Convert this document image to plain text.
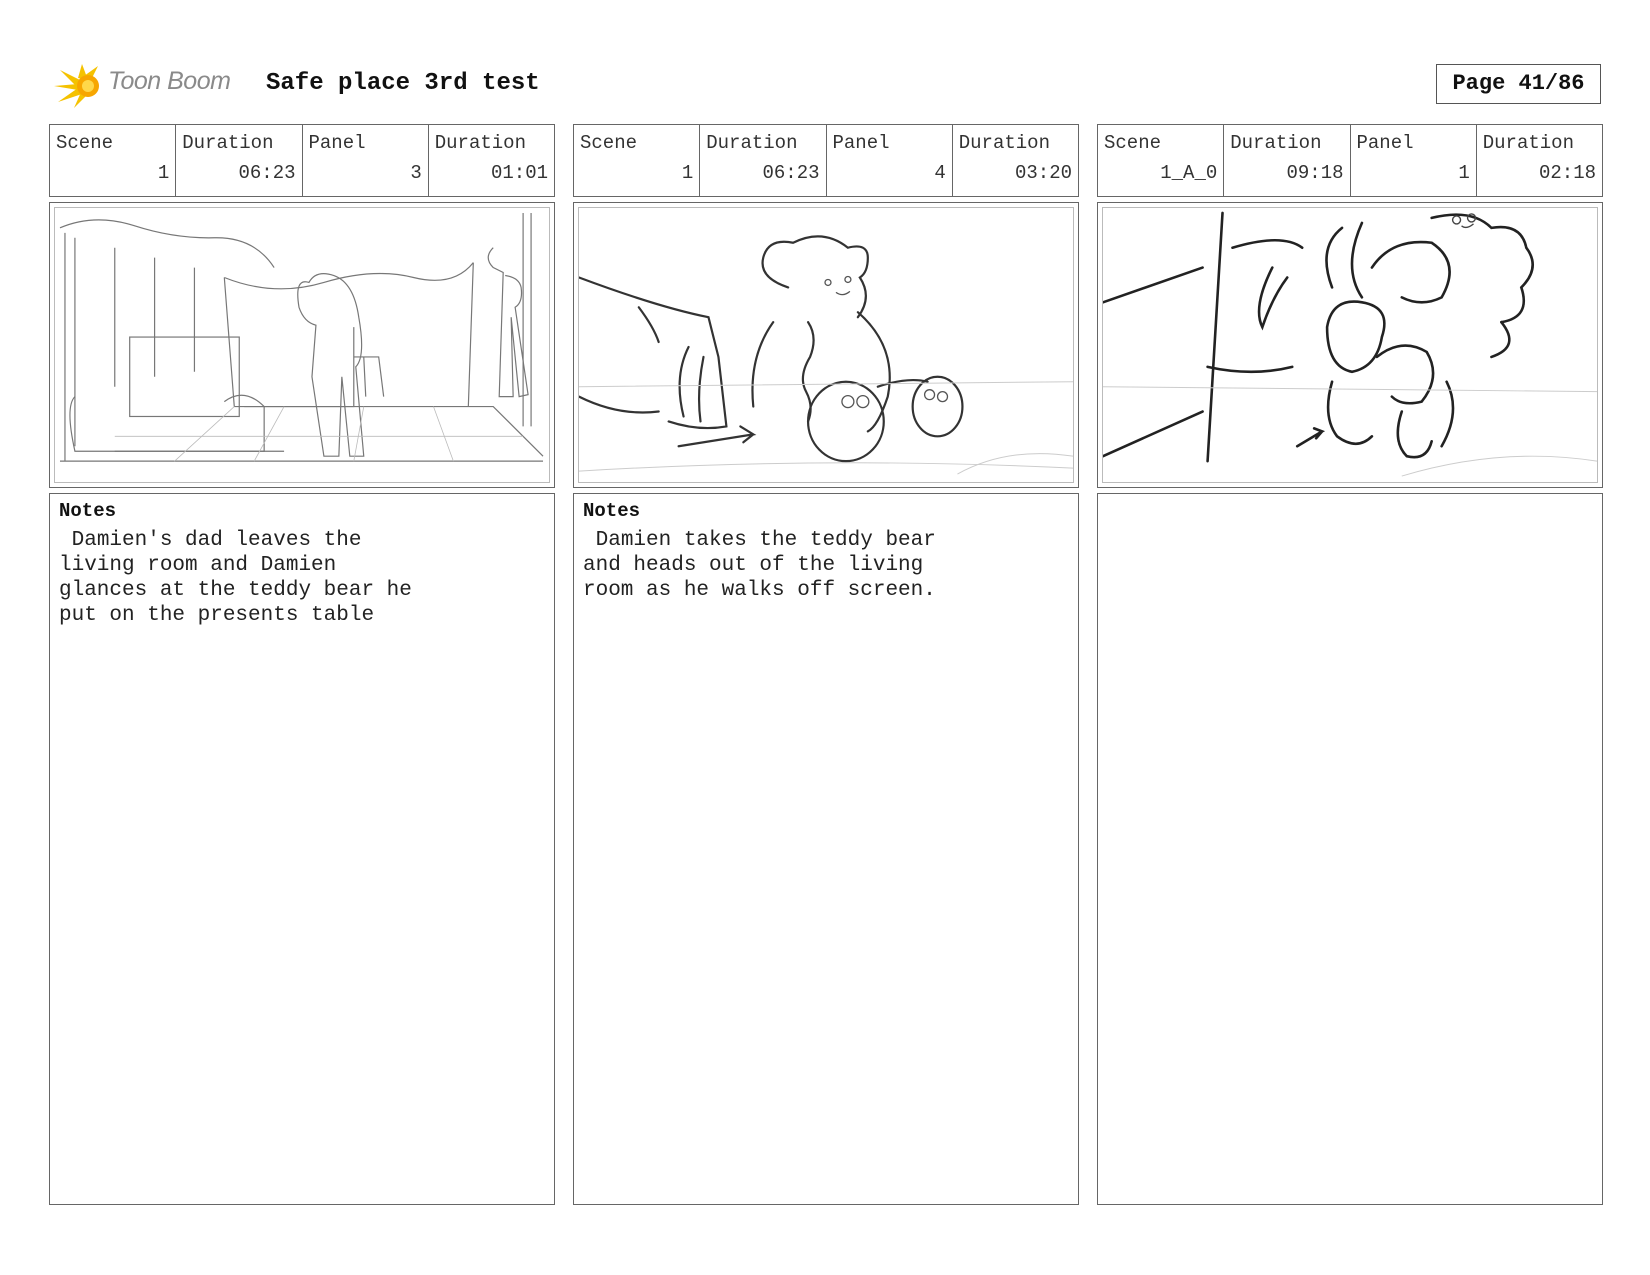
Toon Boom Safe place 3rd test	Page 41/86
Scene
1
Duration
06:23
Panel
3
Duration
01:01
Notes
Damien's dad leaves the
living room and Damien
glances at the teddy bear he
put on the presents table
Scene
1
Duration
06:23
Panel
4
Duration
03:20
Notes
Damien takes the teddy bear
and heads out of the living
room as he walks off screen.
Scene
1_A_0
Duration
09:18
Panel
1
Duration
02:18
